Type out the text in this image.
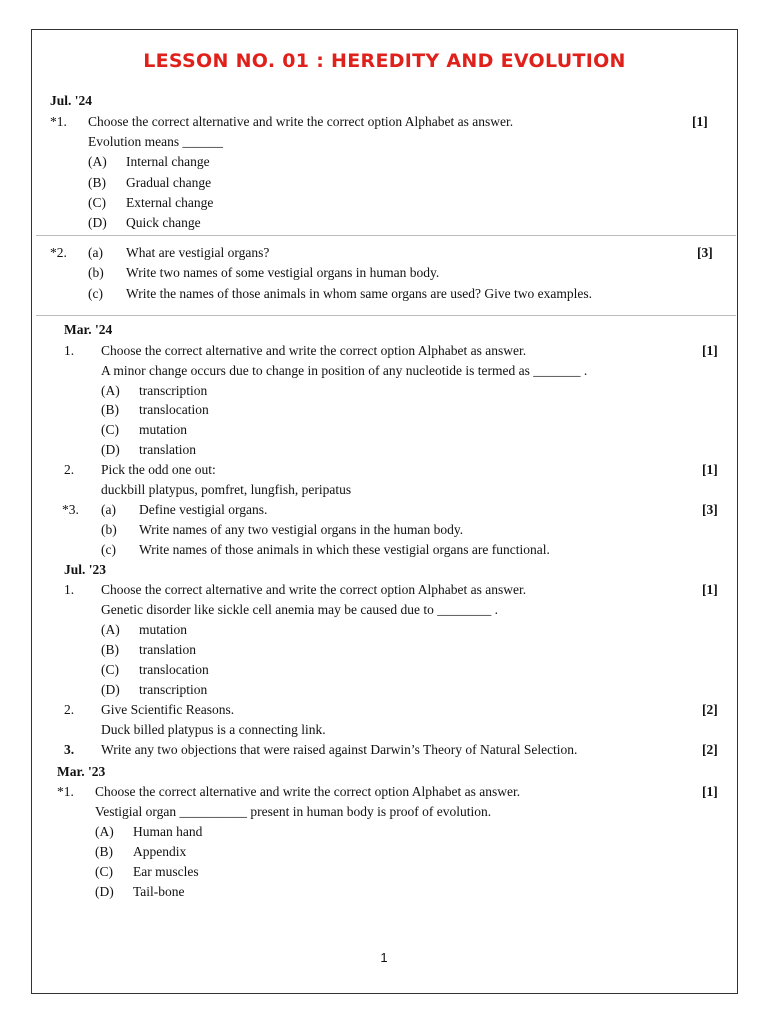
LESSON NO. 01 : HEREDITY AND EVOLUTION
Jul. '24
*1. Choose the correct alternative and write the correct option Alphabet as answer.	[1]
Evolution means ______
(A) Internal change
(B) Gradual change
(C) External change
(D) Quick change
*2. (a) What are vestigial organs?	[3]
(b) Write two names of some vestigial organs in human body.
(c) Write the names of those animals in whom same organs are used? Give two examples.
Mar. '24
1. Choose the correct alternative and write the correct option Alphabet as answer.	[1]
A minor change occurs due to change in position of any nucleotide is termed as _______ .
(A) transcription
(B) translocation
(C) mutation
(D) translation
2. Pick the odd one out:	[1]
duckbill platypus, pomfret, lungfish, peripatus
*3. (a) Define vestigial organs.	[3]
(b) Write names of any two vestigial organs in the human body.
(c) Write names of those animals in which these vestigial organs are functional.
Jul. '23
1. Choose the correct alternative and write the correct option Alphabet as answer.	[1]
Genetic disorder like sickle cell anemia may be caused due to ________ .
(A) mutation
(B) translation
(C) translocation
(D) transcription
2. Give Scientific Reasons.	[2]
Duck billed platypus is a connecting link.
3. Write any two objections that were raised against Darwin’s Theory of Natural Selection.	[2]
Mar. '23
*1. Choose the correct alternative and write the correct option Alphabet as answer.	[1]
Vestigial organ __________ present in human body is proof of evolution.
(A) Human hand
(B) Appendix
(C) Ear muscles
(D) Tail-bone
1
